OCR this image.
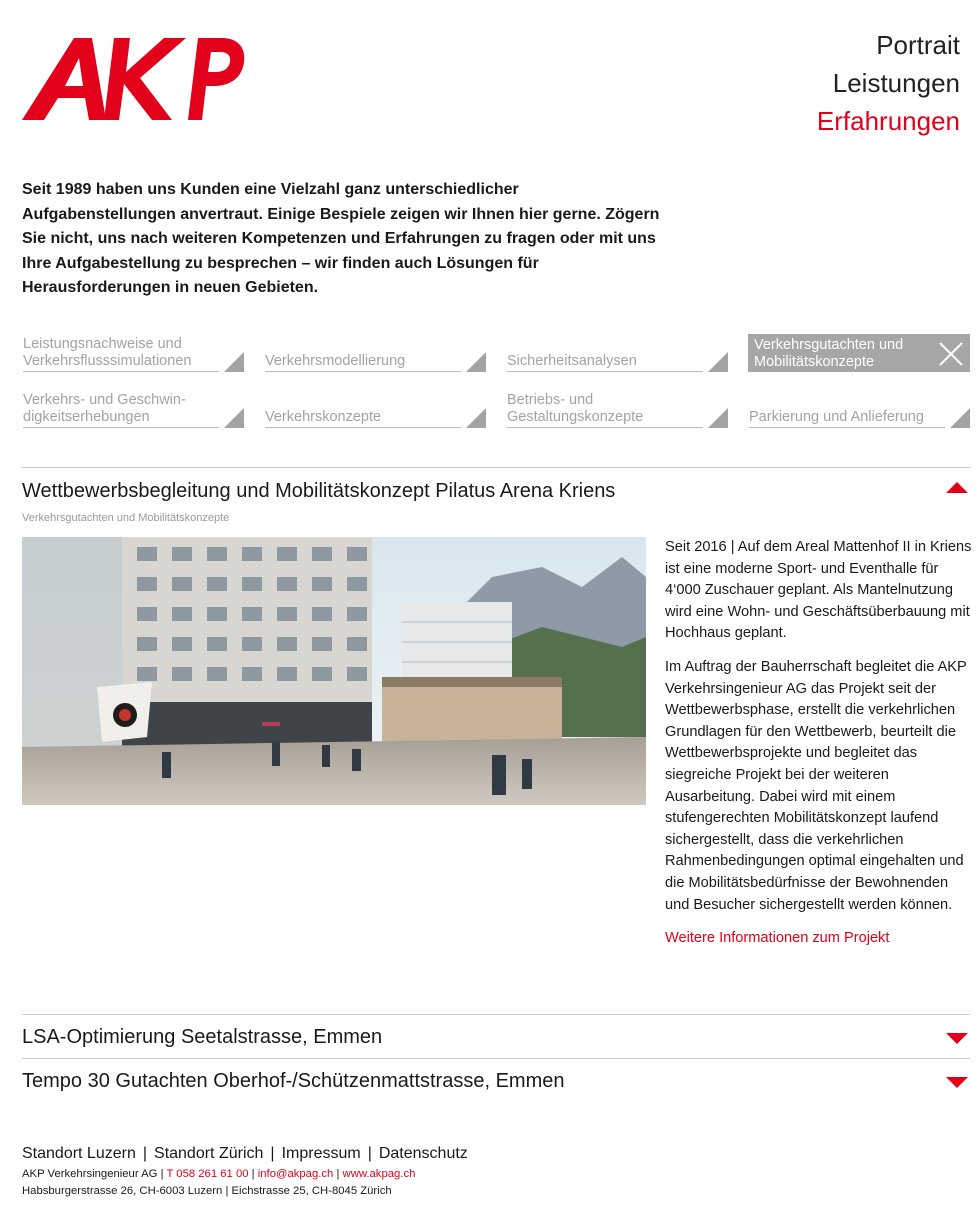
Portrait
Leistungen
Erfahrungen

Seit 1989 haben uns Kunden eine Vielzahl ganz unterschiedlicher Aufgabenstellungen anvertraut. Einige Bespiele zeigen wir Ihnen hier gerne. Zögern Sie nicht, uns nach weiteren Kompetenzen und Erfahrungen zu fragen oder mit uns Ihre Aufgabestellung zu besprechen – wir finden auch Lösungen für Herausforderungen in neuen Gebieten.

Leistungsnachweise und Verkehrsflusssimulationen	Verkehrsmodellierung	Sicherheitsanalysen
Verkehrsgutachten und Mobilitätskonzepte
Verkehrs- und Geschwin-digkeitserhebungen	Verkehrskonzepte
Betriebs- und Gestaltungskonzepte	Parkierung und Anlieferung
Wettbewerbsbegleitung und Mobilitätskonzept Pilatus Arena Kriens
Verkehrsgutachten und Mobilitätskonzepte

Seit 2016 | Auf dem Areal Mattenhof II in Kriens ist eine moderne Sport- und Eventhalle für 4‘000 Zuschauer geplant. Als Mantelnutzung wird eine Wohn- und Geschäftsüberbauung mit Hochhaus geplant.

Im Auftrag der Bauherrschaft begleitet die AKP Verkehrsingenieur AG das Projekt seit der Wettbewerbsphase, erstellt die verkehrlichen Grundlagen für den Wettbewerb, beurteilt die Wettbewerbsprojekte und begleitet das siegreiche Projekt bei der weiteren Ausarbeitung. Dabei wird mit einem stufengerechten Mobilitätskonzept laufend sichergestellt, dass die verkehrlichen Rahmenbedingungen optimal eingehalten und die Mobilitätsbedürfnisse der Bewohnenden und Besucher sichergestellt werden können.

Weitere Informationen zum Projekt

LSA-Optimierung Seetalstrasse, Emmen
Tempo 30 Gutachten Oberhof-/Schützenmattstrasse, Emmen
Standort Luzern | Standort Zürich | Impressum | Datenschutz
AKP Verkehrsingenieur AG | T 058 261 61 00 | info@akpag.ch | www.akpag.ch
Habsburgerstrasse 26, CH-6003 Luzern | Eichstrasse 25, CH-8045 Zürich
